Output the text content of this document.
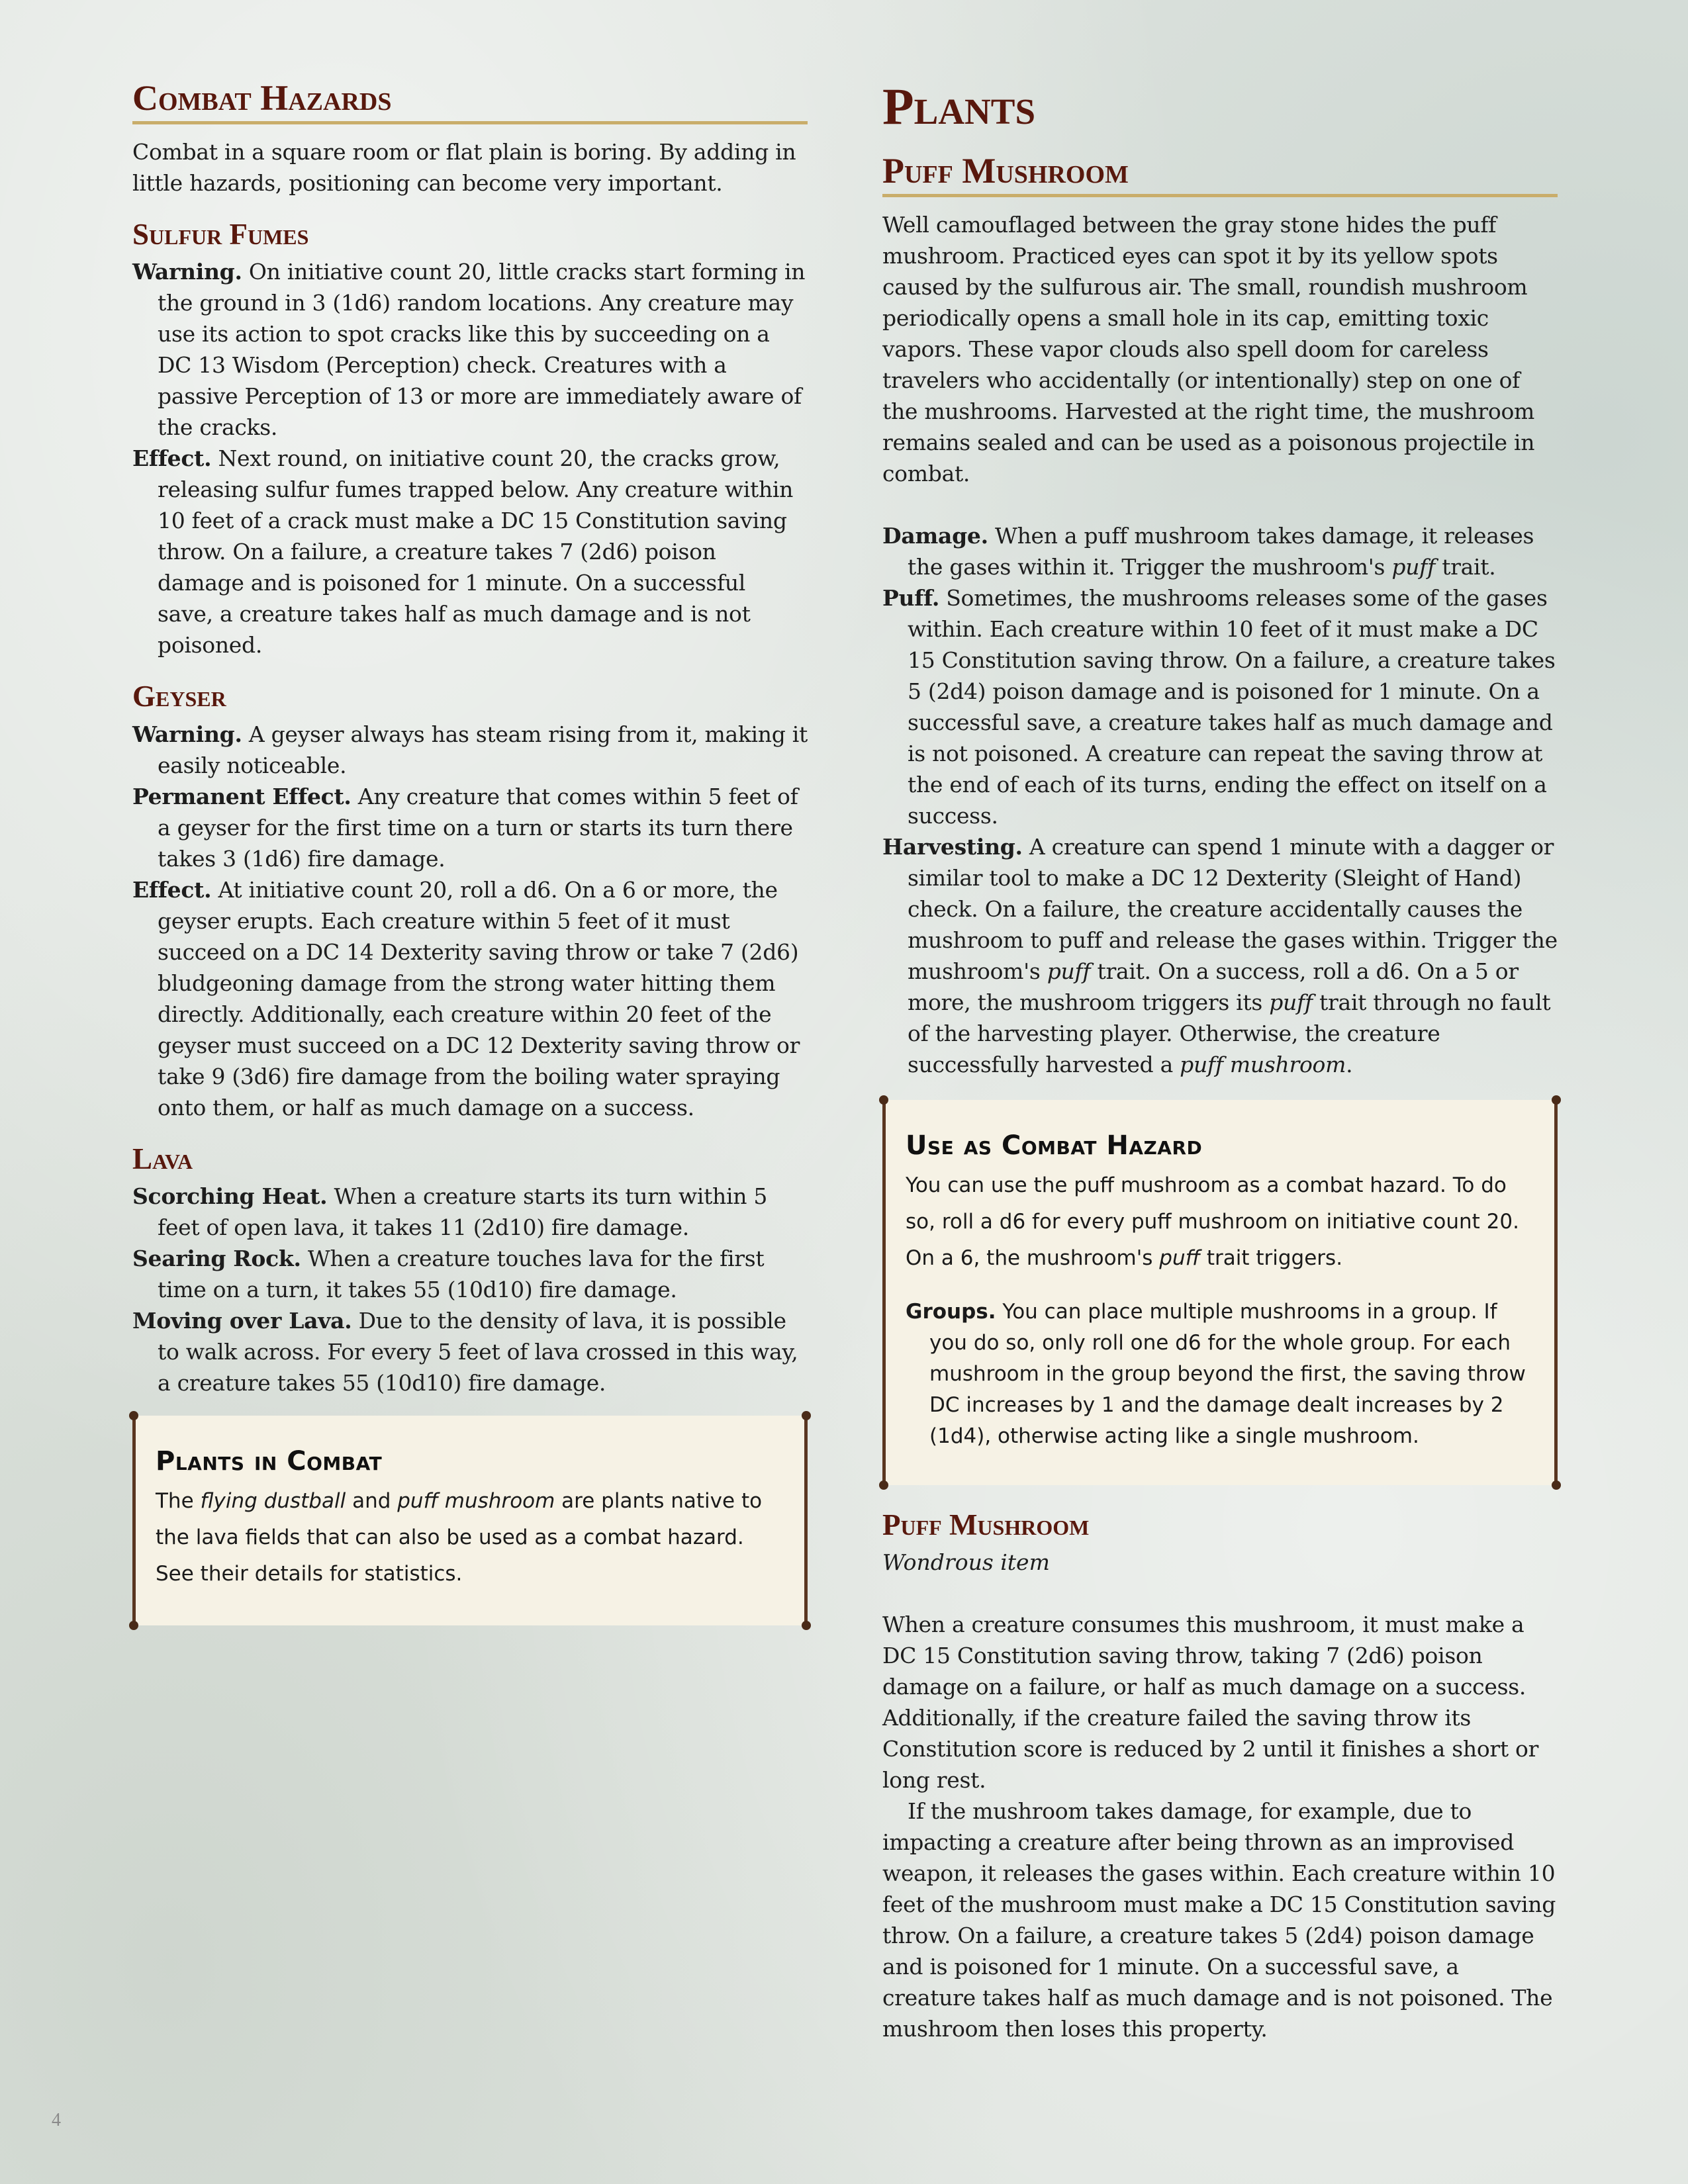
Combat Hazards

Combat in a square room or flat plain is boring. By adding in little hazards, positioning can become very important.

Sulfur Fumes

Warning. On initiative count 20, little cracks start forming in the ground in 3 (1d6) random locations. Any creature may use its action to spot cracks like this by succeeding on a DC 13 Wisdom (Perception) check. Creatures with a passive Perception of 13 or more are immediately aware of the cracks.

Effect. Next round, on initiative count 20, the cracks grow, releasing sulfur fumes trapped below. Any creature within 10 feet of a crack must make a DC 15 Constitution saving throw. On a failure, a creature takes 7 (2d6) poison damage and is poisoned for 1 minute. On a successful save, a creature takes half as much damage and is not poisoned.

Geyser

Warning. A geyser always has steam rising from it, making it easily noticeable.

Permanent Effect. Any creature that comes within 5 feet of a geyser for the first time on a turn or starts its turn there takes 3 (1d6) fire damage.

Effect. At initiative count 20, roll a d6. On a 6 or more, the geyser erupts. Each creature within 5 feet of it must succeed on a DC 14 Dexterity saving throw or take 7 (2d6) bludgeoning damage from the strong water hitting them directly. Additionally, each creature within 20 feet of the geyser must succeed on a DC 12 Dexterity saving throw or take 9 (3d6) fire damage from the boiling water spraying onto them, or half as much damage on a success.

Lava

Scorching Heat. When a creature starts its turn within 5 feet of open lava, it takes 11 (2d10) fire damage.

Searing Rock. When a creature touches lava for the first time on a turn, it takes 55 (10d10) fire damage.

Moving over Lava. Due to the density of lava, it is possible to walk across. For every 5 feet of lava crossed in this way, a creature takes 55 (10d10) fire damage.

Plants in Combat

The flying dustball and puff mushroom are plants native to the lava fields that can also be used as a combat hazard. See their details for statistics.

Plants
Puff Mushroom

Well camouflaged between the gray stone hides the puff mushroom. Practiced eyes can spot it by its yellow spots caused by the sulfurous air. The small, roundish mushroom periodically opens a small hole in its cap, emitting toxic vapors. These vapor clouds also spell doom for careless travelers who accidentally (or intentionally) step on one of the mushrooms. Harvested at the right time, the mushroom remains sealed and can be used as a poisonous projectile in combat.

Damage. When a puff mushroom takes damage, it releases the gases within it. Trigger the mushroom's puff trait.

Puff. Sometimes, the mushrooms releases some of the gases within. Each creature within 10 feet of it must make a DC 15 Constitution saving throw. On a failure, a creature takes 5 (2d4) poison damage and is poisoned for 1 minute. On a successful save, a creature takes half as much damage and is not poisoned. A creature can repeat the saving throw at the end of each of its turns, ending the effect on itself on a success.

Harvesting. A creature can spend 1 minute with a dagger or similar tool to make a DC 12 Dexterity (Sleight of Hand) check. On a failure, the creature accidentally causes the mushroom to puff and release the gases within. Trigger the mushroom's puff trait. On a success, roll a d6. On a 5 or more, the mushroom triggers its puff trait through no fault of the harvesting player. Otherwise, the creature successfully harvested a puff mushroom.

Use as Combat Hazard

You can use the puff mushroom as a combat hazard. To do so, roll a d6 for every puff mushroom on initiative count 20. On a 6, the mushroom's puff trait triggers.

Groups. You can place multiple mushrooms in a group. If you do so, only roll one d6 for the whole group. For each mushroom in the group beyond the first, the saving throw DC increases by 1 and the damage dealt increases by 2 (1d4), otherwise acting like a single mushroom.

Puff Mushroom

Wondrous item

When a creature consumes this mushroom, it must make a DC 15 Constitution saving throw, taking 7 (2d6) poison damage on a failure, or half as much damage on a success. Additionally, if the creature failed the saving throw its Constitution score is reduced by 2 until it finishes a short or long rest.

If the mushroom takes damage, for example, due to impacting a creature after being thrown as an improvised weapon, it releases the gases within. Each creature within 10 feet of the mushroom must make a DC 15 Constitution saving throw. On a failure, a creature takes 5 (2d4) poison damage and is poisoned for 1 minute. On a successful save, a creature takes half as much damage and is not poisoned. The mushroom then loses this property.

4
